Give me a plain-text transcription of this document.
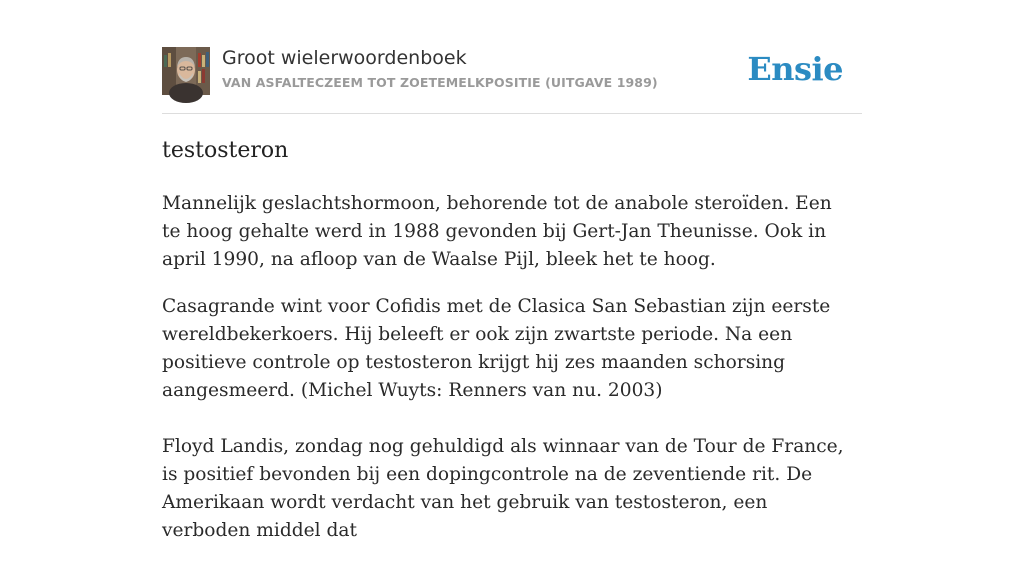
Groot wielerwoordenboek
VAN ASFALTECZEEM TOT ZOETEMELKPOSITIE (UITGAVE 1989)	Ensie
testosteron

Mannelijk geslachtshormoon, behorende tot de anabole steroïden. Een te hoog gehalte werd in 1988 gevonden bij Gert-Jan Theunisse. Ook in april 1990, na afloop van de Waalse Pijl, bleek het te hoog.

Casagrande wint voor Cofidis met de Clasica San Sebastian zijn eerste wereldbekerkoers. Hij beleeft er ook zijn zwartste periode. Na een positieve controle op testosteron krijgt hij zes maanden schorsing aangesmeerd. (Michel Wuyts: Renners van nu. 2003)

Floyd Landis, zondag nog gehuldigd als winnaar van de Tour de France, is positief bevonden bij een dopingcontrole na de zeventiende rit. De Amerikaan wordt verdacht van het gebruik van testosteron, een verboden middel dat
